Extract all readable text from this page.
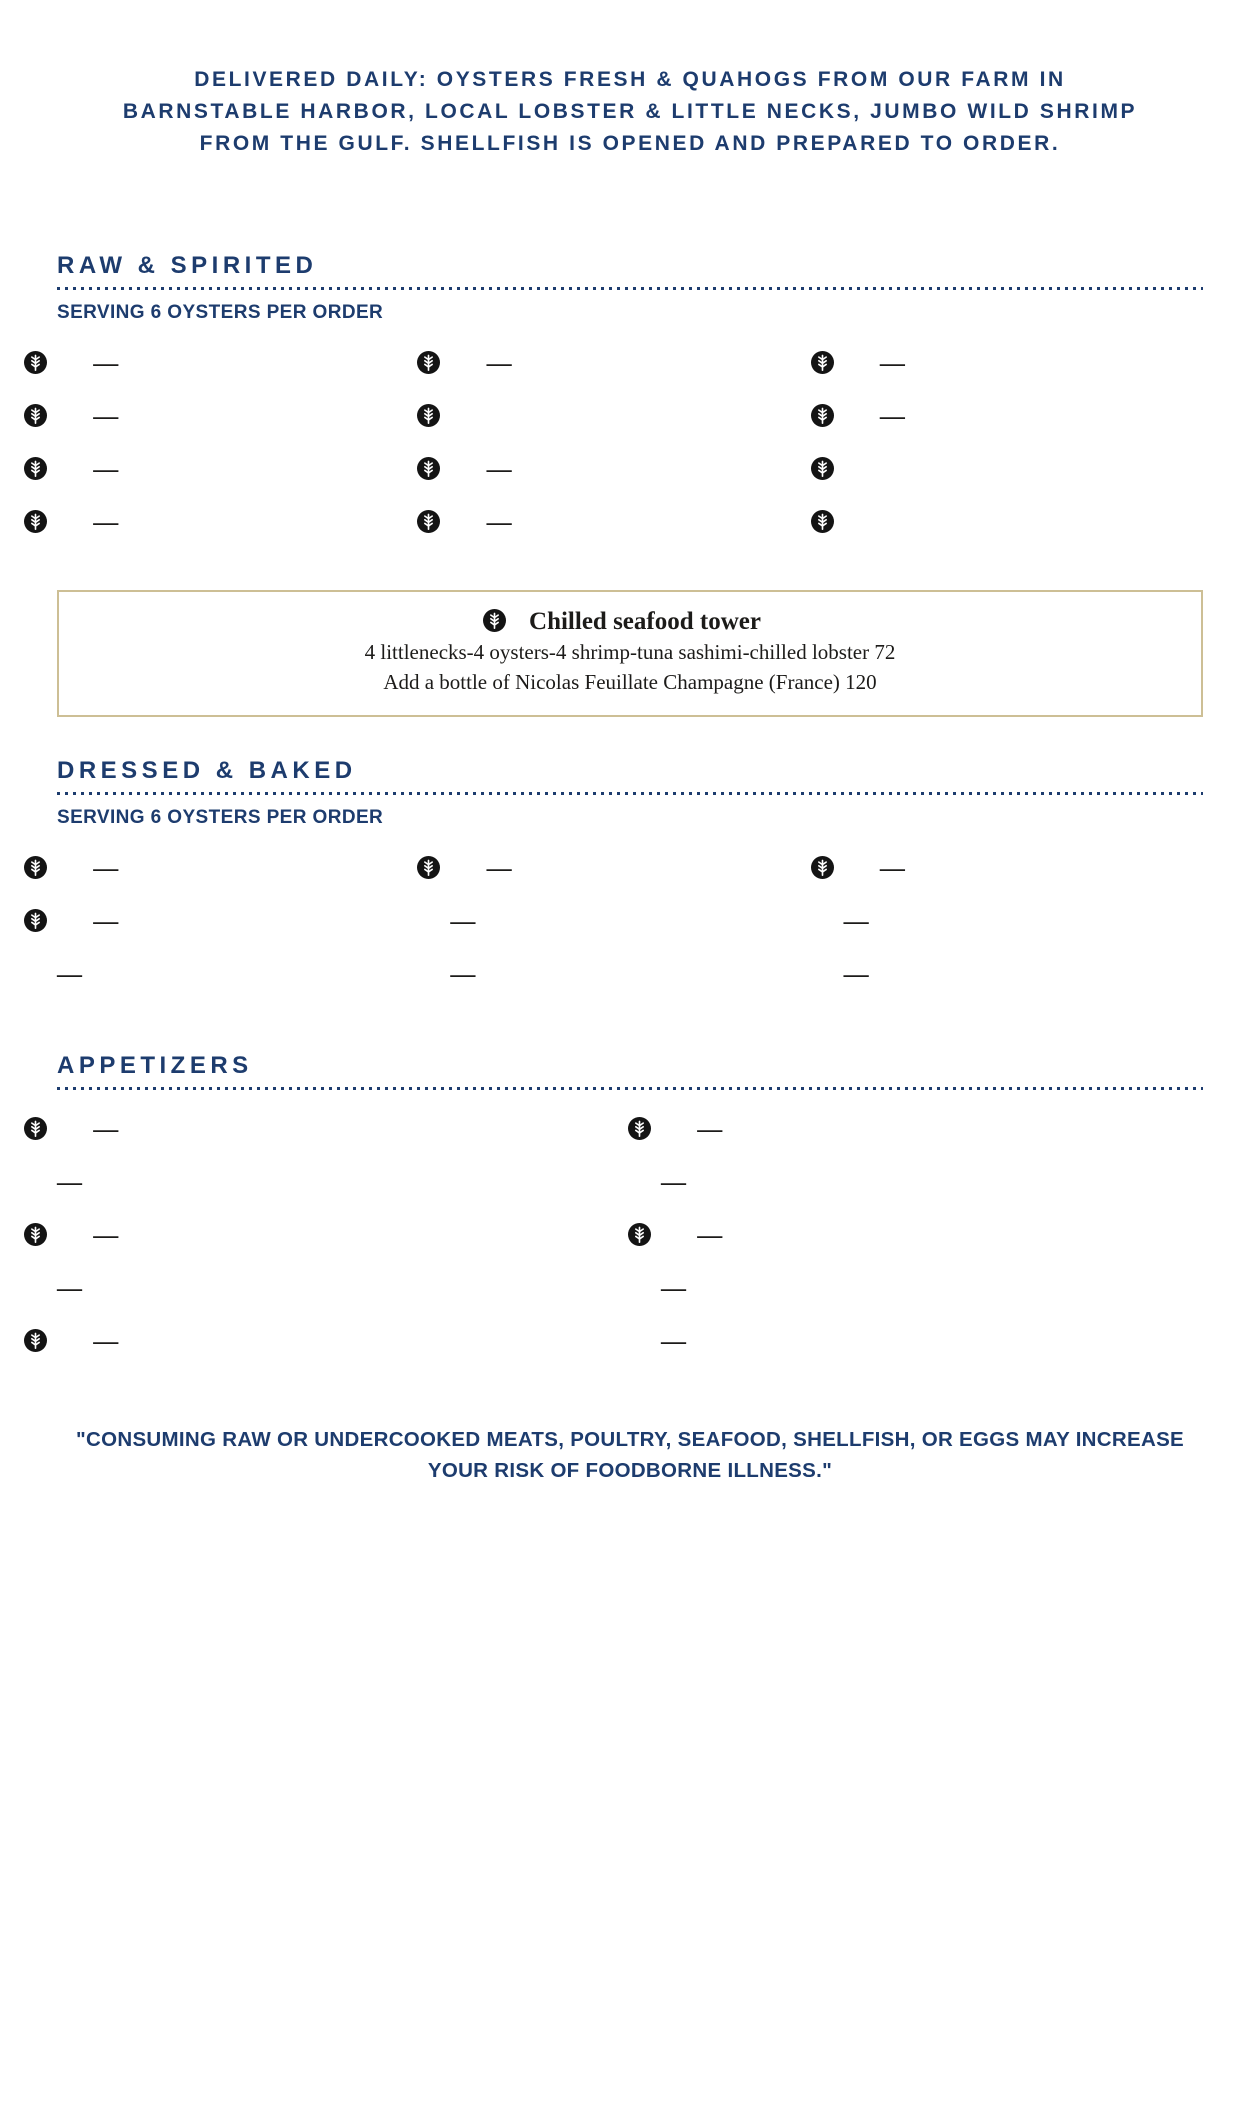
DELIVERED DAILY: OYSTERS FRESH & QUAHOGS FROM OUR FARM IN BARNSTABLE HARBOR, LOCAL LOBSTER & LITTLE NECKS, JUMBO WILD SHRIMP FROM THE GULF. SHELLFISH IS OPENED AND PREPARED TO ORDER.
RAW & SPIRITED
SERVING 6 OYSTERS PER ORDER
—
—
—
—
—
—
—
—
—
Chilled seafood tower
4 littlenecks-4 oysters-4 shrimp-tuna sashimi-chilled lobster 72
Add a bottle of Nicolas Feuillate Champagne (France) 120
DRESSED & BAKED
SERVING 6 OYSTERS PER ORDER
—
—
—
—
—
—
—
—
—
APPETIZERS
—
—
—
—
—
—
—
—
—
—
"CONSUMING RAW OR UNDERCOOKED MEATS, POULTRY, SEAFOOD, SHELLFISH, OR EGGS MAY INCREASE YOUR RISK OF FOODBORNE ILLNESS."
